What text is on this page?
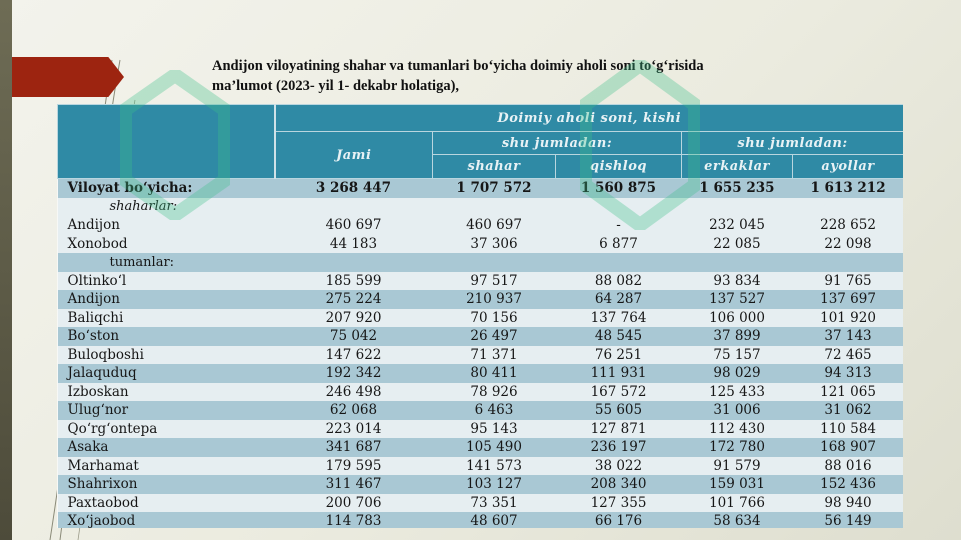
Andijon viloyatining shahar va tumanlari bo‘yicha doimiy aholi soni to‘g‘risida
ma’lumot (2023- yil 1- dekabr holatiga),
	Doimiy aholi soni, kishi				
	Jami	shu jumladan:		shu jumladan:	
		shahar	qishloq	erkaklar	ayollar
Viloyat bo‘yicha:	3 268 447	1 707 572	1 560 875	1 655 235	1 613 212
shaharlar:					
Andijon	460 697	460 697	-	232 045	228 652
Xonobod	44 183	37 306	6 877	22 085	22 098
tumanlar:					
Oltinko‘l	185 599	97 517	88 082	93 834	91 765
Andijon	275 224	210 937	64 287	137 527	137 697
Baliqchi	207 920	70 156	137 764	106 000	101 920
Bo‘ston	75 042	26 497	48 545	37 899	37 143
Buloqboshi	147 622	71 371	76 251	75 157	72 465
Jalaquduq	192 342	80 411	111 931	98 029	94 313
Izboskan	246 498	78 926	167 572	125 433	121 065
Ulug‘nor	62 068	6 463	55 605	31 006	31 062
Qo‘rg‘ontepa	223 014	95 143	127 871	112 430	110 584
Asaka	341 687	105 490	236 197	172 780	168 907
Marhamat	179 595	141 573	38 022	91 579	88 016
Shahrixon	311 467	103 127	208 340	159 031	152 436
Paxtaobod	200 706	73 351	127 355	101 766	98 940
Xo‘jaobod	114 783	48 607	66 176	58 634	56 149
